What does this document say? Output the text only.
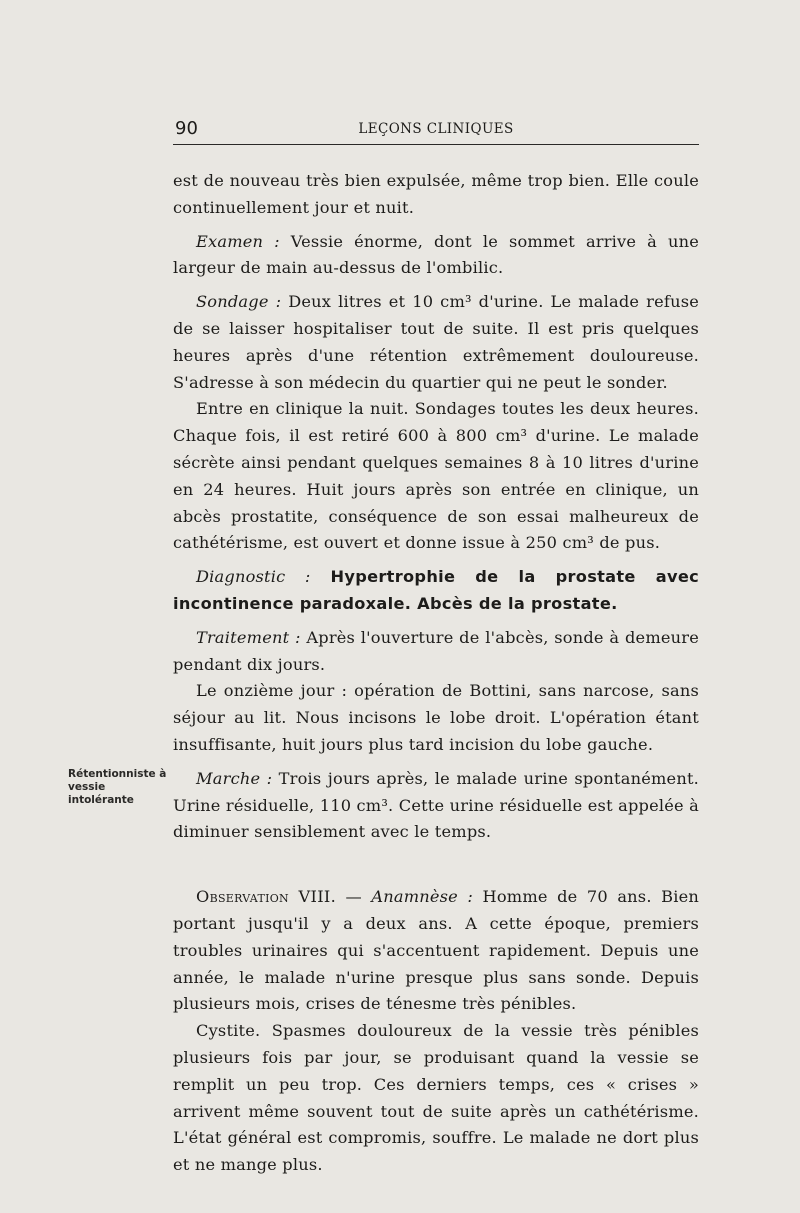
90	LEÇONS CLINIQUES
Rétentionniste à
vessie intolérante

est de nouveau très bien expulsée, même trop bien. Elle coule continuellement jour et nuit.

Examen : Vessie énorme, dont le sommet arrive à une largeur de main au-dessus de l'ombilic.

Sondage : Deux litres et 10 cm³ d'urine. Le malade refuse de se laisser hospitaliser tout de suite. Il est pris quelques heures après d'une rétention extrêmement douloureuse. S'adresse à son médecin du quartier qui ne peut le sonder.

Entre en clinique la nuit. Sondages toutes les deux heures. Chaque fois, il est retiré 600 à 800 cm³ d'urine. Le malade sécrète ainsi pendant quelques semaines 8 à 10 litres d'urine en 24 heures. Huit jours après son entrée en clinique, un abcès prostatite, conséquence de son essai malheureux de cathétérisme, est ouvert et donne issue à 250 cm³ de pus.

Diagnostic : Hypertrophie de la prostate avec incontinence paradoxale. Abcès de la prostate.

Traitement : Après l'ouverture de l'abcès, sonde à demeure pendant dix jours.

Le onzième jour : opération de Bottini, sans narcose, sans séjour au lit. Nous incisons le lobe droit. L'opération étant insuffisante, huit jours plus tard incision du lobe gauche.

Marche : Trois jours après, le malade urine spontanément. Urine résiduelle, 110 cm³. Cette urine résiduelle est appelée à diminuer sensiblement avec le temps.

Observation VIII. — Anamnèse : Homme de 70 ans. Bien portant jusqu'il y a deux ans. A cette époque, premiers troubles urinaires qui s'accentuent rapidement. Depuis une année, le malade n'urine presque plus sans sonde. Depuis plusieurs mois, crises de ténesme très pénibles.

Cystite. Spasmes douloureux de la vessie très pénibles plusieurs fois par jour, se produisant quand la vessie se remplit un peu trop. Ces derniers temps, ces « crises » arrivent même souvent tout de suite après un cathétérisme. L'état général est compromis, souffre. Le malade ne dort plus et ne mange plus.
